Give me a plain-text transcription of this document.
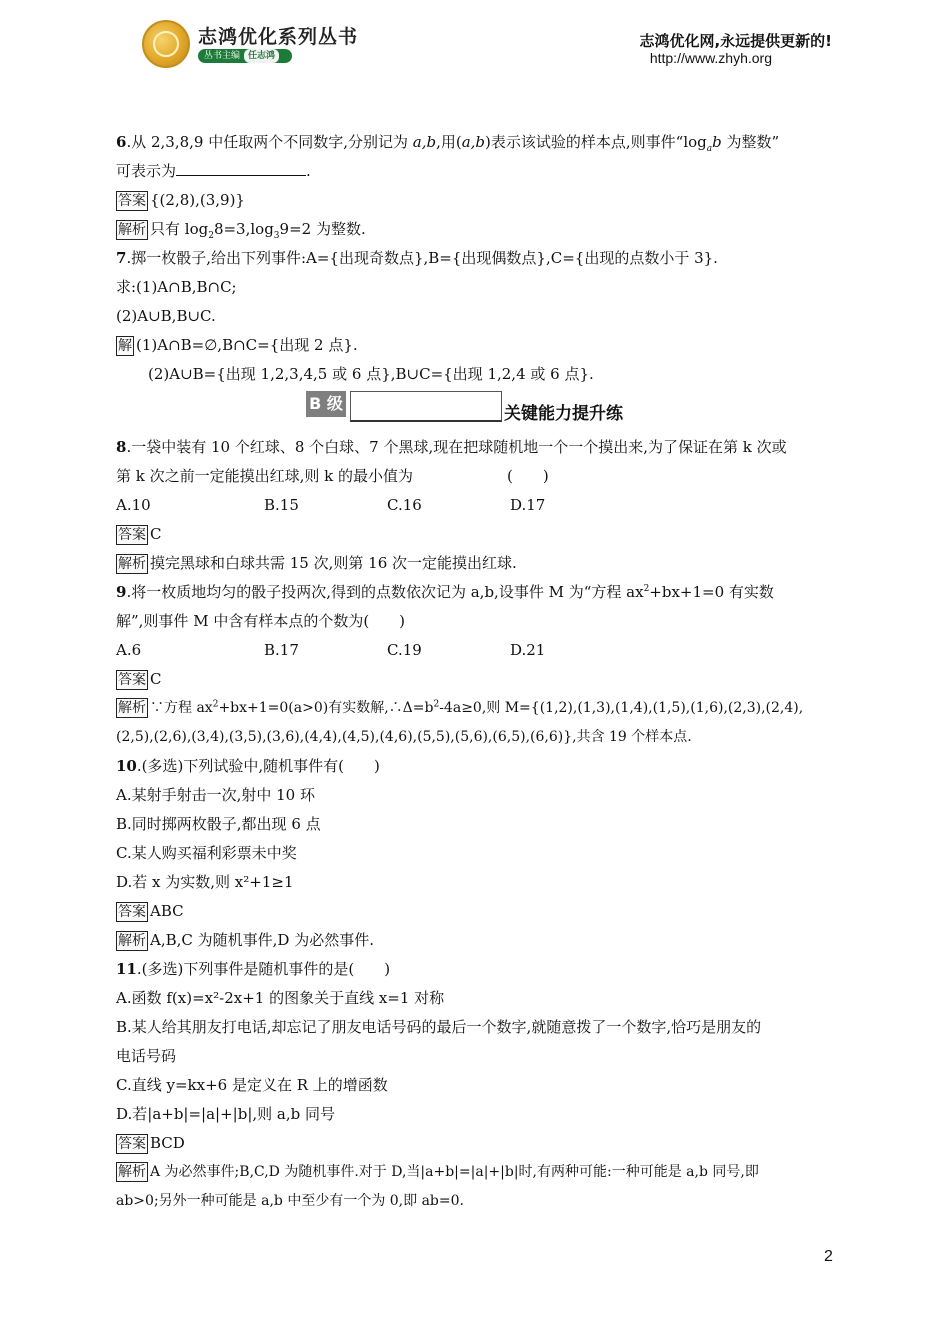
志鸿优化系列丛书
丛书主编 任志鸿
志鸿优化网,永远提供更新的!
http://www.zhyh.org
6.从 2,3,8,9 中任取两个不同数字,分别记为 a,b,用(a,b)表示该试验的样本点,则事件“$\log_ab$ 为整数”
可表示为	.
答案 {(2,8),(3,9)}
解析 只有 $\log_28=3,\log_39=2$ 为整数.
7.掷一枚骰子,给出下列事件:A={出现奇数点},B={出现偶数点},C={出现的点数小于 3}.
求:(1)A∩B,B∩C;
(2)A∪B,B∪C.
解 (1)A∩B=∅,B∩C={出现 2 点}.
(2)A∪B={出现 1,2,3,4,5 或 6 点},B∪C={出现 1,2,4 或 6 点}.
B 级
关键能力提升练
8.一袋中装有 10 个红球、8 个白球、7 个黑球,现在把球随机地一个一个摸出来,为了保证在第 k 次或
第 k 次之前一定能摸出红球,则 k 的最小值为	(　　)
A.10	B.15	C.16	D.17
答案 C
解析 摸完黑球和白球共需 15 次,则第 16 次一定能摸出红球.
9.将一枚质地均匀的骰子投两次,得到的点数依次记为 a,b,设事件 M 为“方程 $ax^2+bx+1=0$ 有实数
解”,则事件 M 中含有样本点的个数为(　　)
A.6	B.17	C.19	D.21
答案 C
解析 ∵方程 $ax^2+bx+1=0(a>0)$有实数解$,\therefore\Delta=b^2-4a\ge 0$,则 M={(1,2),(1,3),(1,4),(1,5),(1,6),(2,3),(2,4),
(2,5),(2,6),(3,4),(3,5),(3,6),(4,4),(4,5),(4,6),(5,5),(5,6),(6,5),(6,6)},共含 19 个样本点.
10.(多选)下列试验中,随机事件有(　　)
A.某射手射击一次,射中 10 环
B.同时掷两枚骰子,都出现 6 点
C.某人购买福利彩票未中奖
D.若 x 为实数,则 x²+1≥1
答案 ABC
解析 A,B,C 为随机事件,D 为必然事件.
11.(多选)下列事件是随机事件的是(　　)
A.函数 f(x)=x²-2x+1 的图象关于直线 x=1 对称
B.某人给其朋友打电话,却忘记了朋友电话号码的最后一个数字,就随意拨了一个数字,恰巧是朋友的
电话号码
C.直线 y=kx+6 是定义在 R 上的增函数
D.若|a+b|=|a|+|b|,则 a,b 同号
答案 BCD
解析 A 为必然事件;B,C,D 为随机事件.对于 D,当|a+b|=|a|+|b|时,有两种可能:一种可能是 a,b 同号,即
ab>0;另外一种可能是 a,b 中至少有一个为 0,即 ab=0.
2
